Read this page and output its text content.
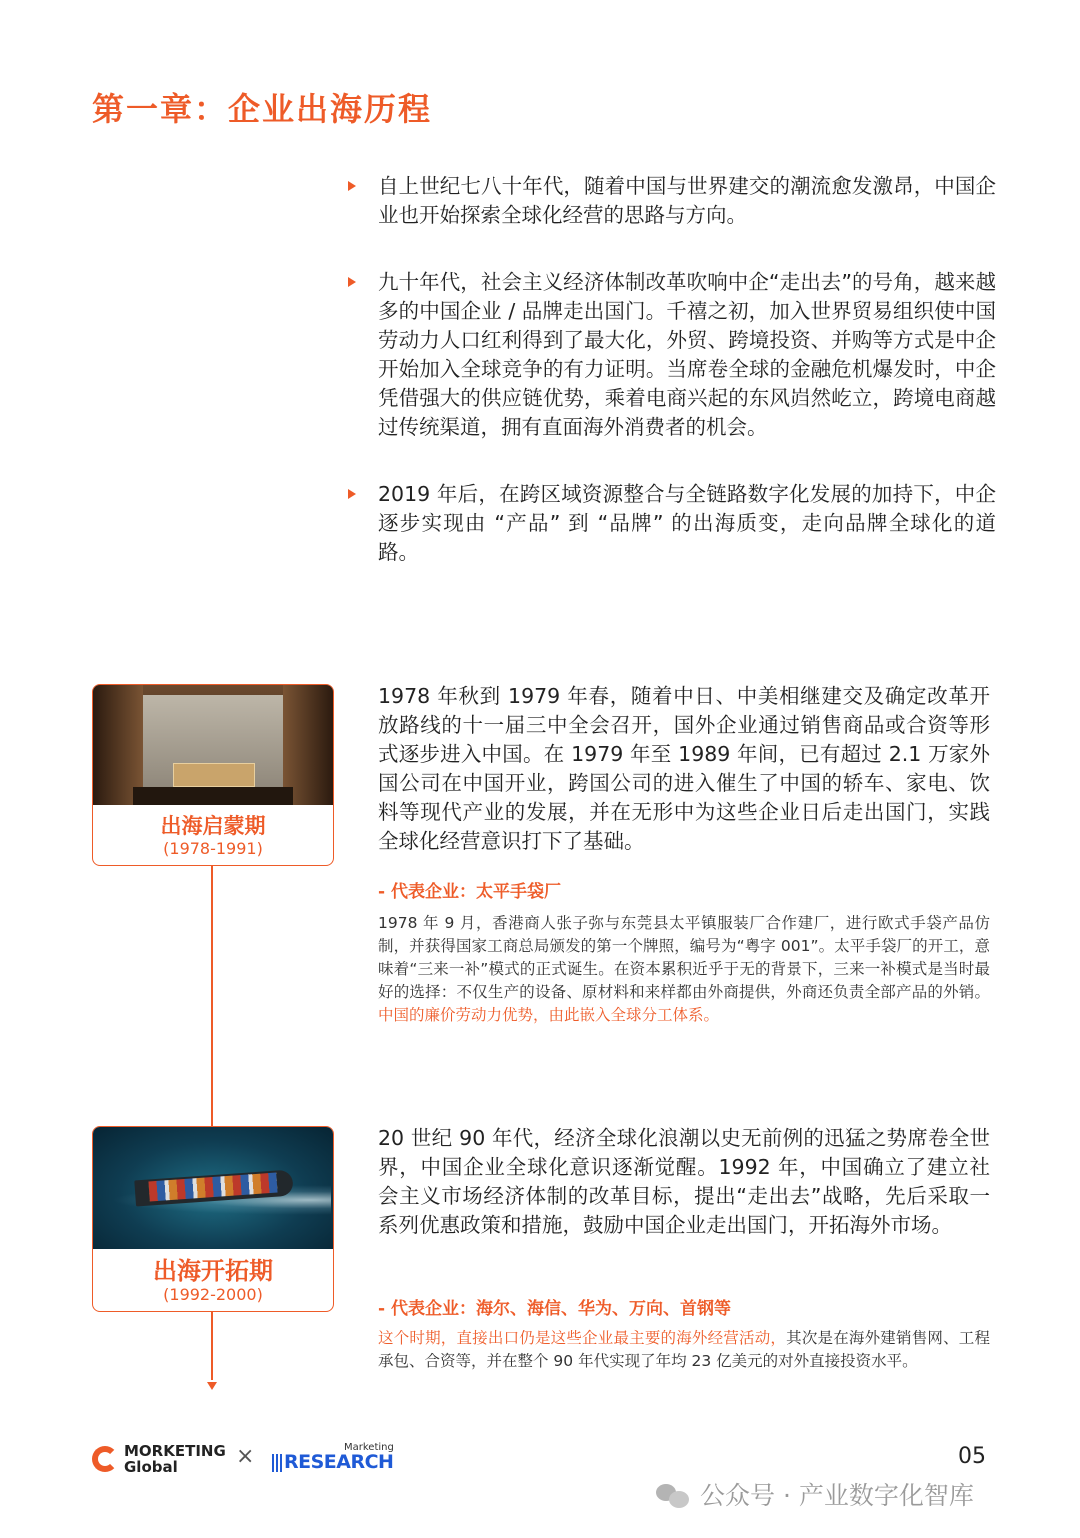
第一章：企业出海历程

自上世纪七八十年代，随着中国与世界建交的潮流愈发激昂，中国企业也开始探索全球化经营的思路与方向。

九十年代，社会主义经济体制改革吹响中企“走出去”的号角，越来越多的中国企业 / 品牌走出国门。千禧之初，加入世界贸易组织使中国劳动力人口红利得到了最大化，外贸、跨境投资、并购等方式是中企开始加入全球竞争的有力证明。当席卷全球的金融危机爆发时，中企凭借强大的供应链优势，乘着电商兴起的东风岿然屹立，跨境电商越过传统渠道，拥有直面海外消费者的机会。

2019 年后，在跨区域资源整合与全链路数字化发展的加持下，中企逐步实现由 “产品” 到 “品牌” 的出海质变，走向品牌全球化的道路。

出海启蒙期
(1978-1991)

1978 年秋到 1979 年春，随着中日、中美相继建交及确定改革开放路线的十一届三中全会召开，国外企业通过销售商品或合资等形式逐步进入中国。在 1979 年至 1989 年间，已有超过 2.1 万家外国公司在中国开业，跨国公司的进入催生了中国的轿车、家电、饮料等现代产业的发展，并在无形中为这些企业日后走出国门，实践全球化经营意识打下了基础。

- 代表企业：太平手袋厂

1978 年 9 月，香港商人张子弥与东莞县太平镇服装厂合作建厂，进行欧式手袋产品仿制，并获得国家工商总局颁发的第一个牌照，编号为“粤字 001”。太平手袋厂的开工，意味着“三来一补”模式的正式诞生。在资本累积近乎于无的背景下，三来一补模式是当时最好的选择：不仅生产的设备、原材料和来样都由外商提供，外商还负责全部产品的外销。中国的廉价劳动力优势，由此嵌入全球分工体系。

出海开拓期
(1992-2000)

20 世纪 90 年代，经济全球化浪潮以史无前例的迅猛之势席卷全世界，中国企业全球化意识逐渐觉醒。1992 年，中国确立了建立社会主义市场经济体制的改革目标，提出“走出去”战略，先后采取一系列优惠政策和措施，鼓励中国企业走出国门，开拓海外市场。

- 代表企业：海尔、海信、华为、万向、首钢等

这个时期，直接出口仍是这些企业最主要的海外经营活动，其次是在海外建销售网、工程承包、合资等，并在整个 90 年代实现了年均 23 亿美元的对外直接投资水平。

MORKETING
Global	×	Marketing
RESEARCH	05
公众号 · 产业数字化智库
